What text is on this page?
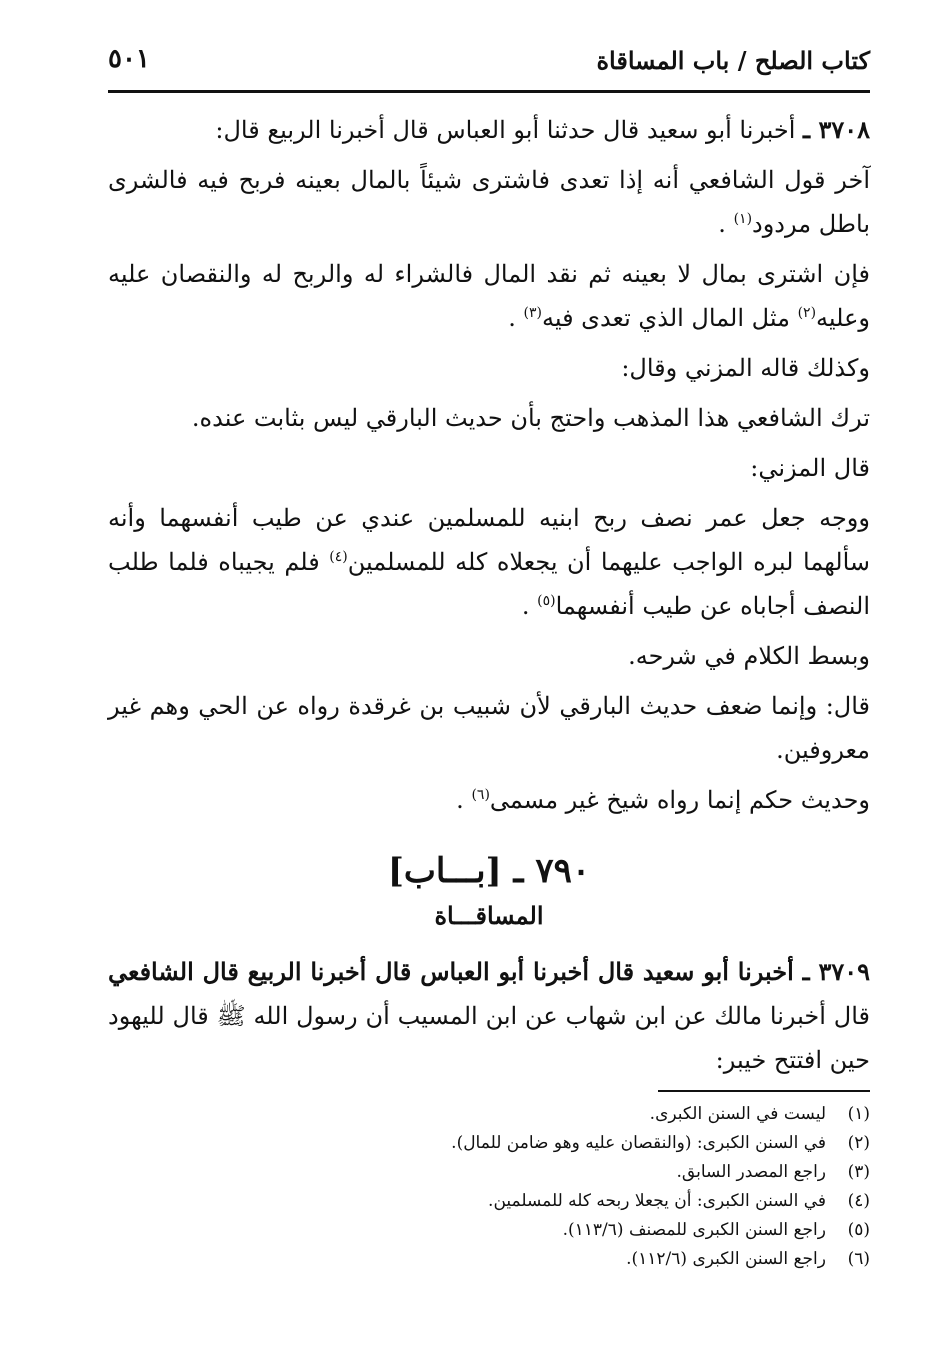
كتاب الصلح / باب المساقاة
٥٠١

٣٧٠٨ ـ أخبرنا أبو سعيد قال حدثنا أبو العباس قال أخبرنا الربيع قال:

آخر قول الشافعي أنه إذا تعدى فاشترى شيئاً بالمال بعينه فربح فيه فالشرى باطل مردود$^{(١)}$ .

فإن اشترى بمال لا بعينه ثم نقد المال فالشراء له والربح له والنقصان عليه وعليه$^{(٢)}$ مثل المال الذي تعدى فيه$^{(٣)}$ .

وكذلك قاله المزني وقال:

ترك الشافعي هذا المذهب واحتج بأن حديث البارقي ليس بثابت عنده.

قال المزني:

ووجه جعل عمر نصف ربح ابنيه للمسلمين عندي عن طيب أنفسهما وأنه سألهما لبره الواجب عليهما أن يجعلاه كله للمسلمين$^{(٤)}$ فلم يجيباه فلما طلب النصف أجاباه عن طيب أنفسهما$^{(٥)}$ .

وبسط الكلام في شرحه.

قال: وإنما ضعف حديث البارقي لأن شبيب بن غرقدة رواه عن الحي وهم غير معروفين.

وحديث حكم إنما رواه شيخ غير مسمى$^{(٦)}$ .

٧٩٠ ـ [بـــاب]
المساقـــاة

٣٧٠٩ ـ أخبرنا أبو سعيد قال أخبرنا أبو العباس قال أخبرنا الربيع قال الشافعي قال أخبرنا مالك عن ابن شهاب عن ابن المسيب أن رسول الله ﷺ قال لليهود حين افتتح خيبر:

(١)ليست في السنن الكبرى.
(٢)في السنن الكبرى: (والنقصان عليه وهو ضامن للمال).
(٣)راجع المصدر السابق.
(٤)في السنن الكبرى: أن يجعلا ربحه كله للمسلمين.
(٥)راجع السنن الكبرى للمصنف (١١٣/٦).
(٦)راجع السنن الكبرى (١١٢/٦).
